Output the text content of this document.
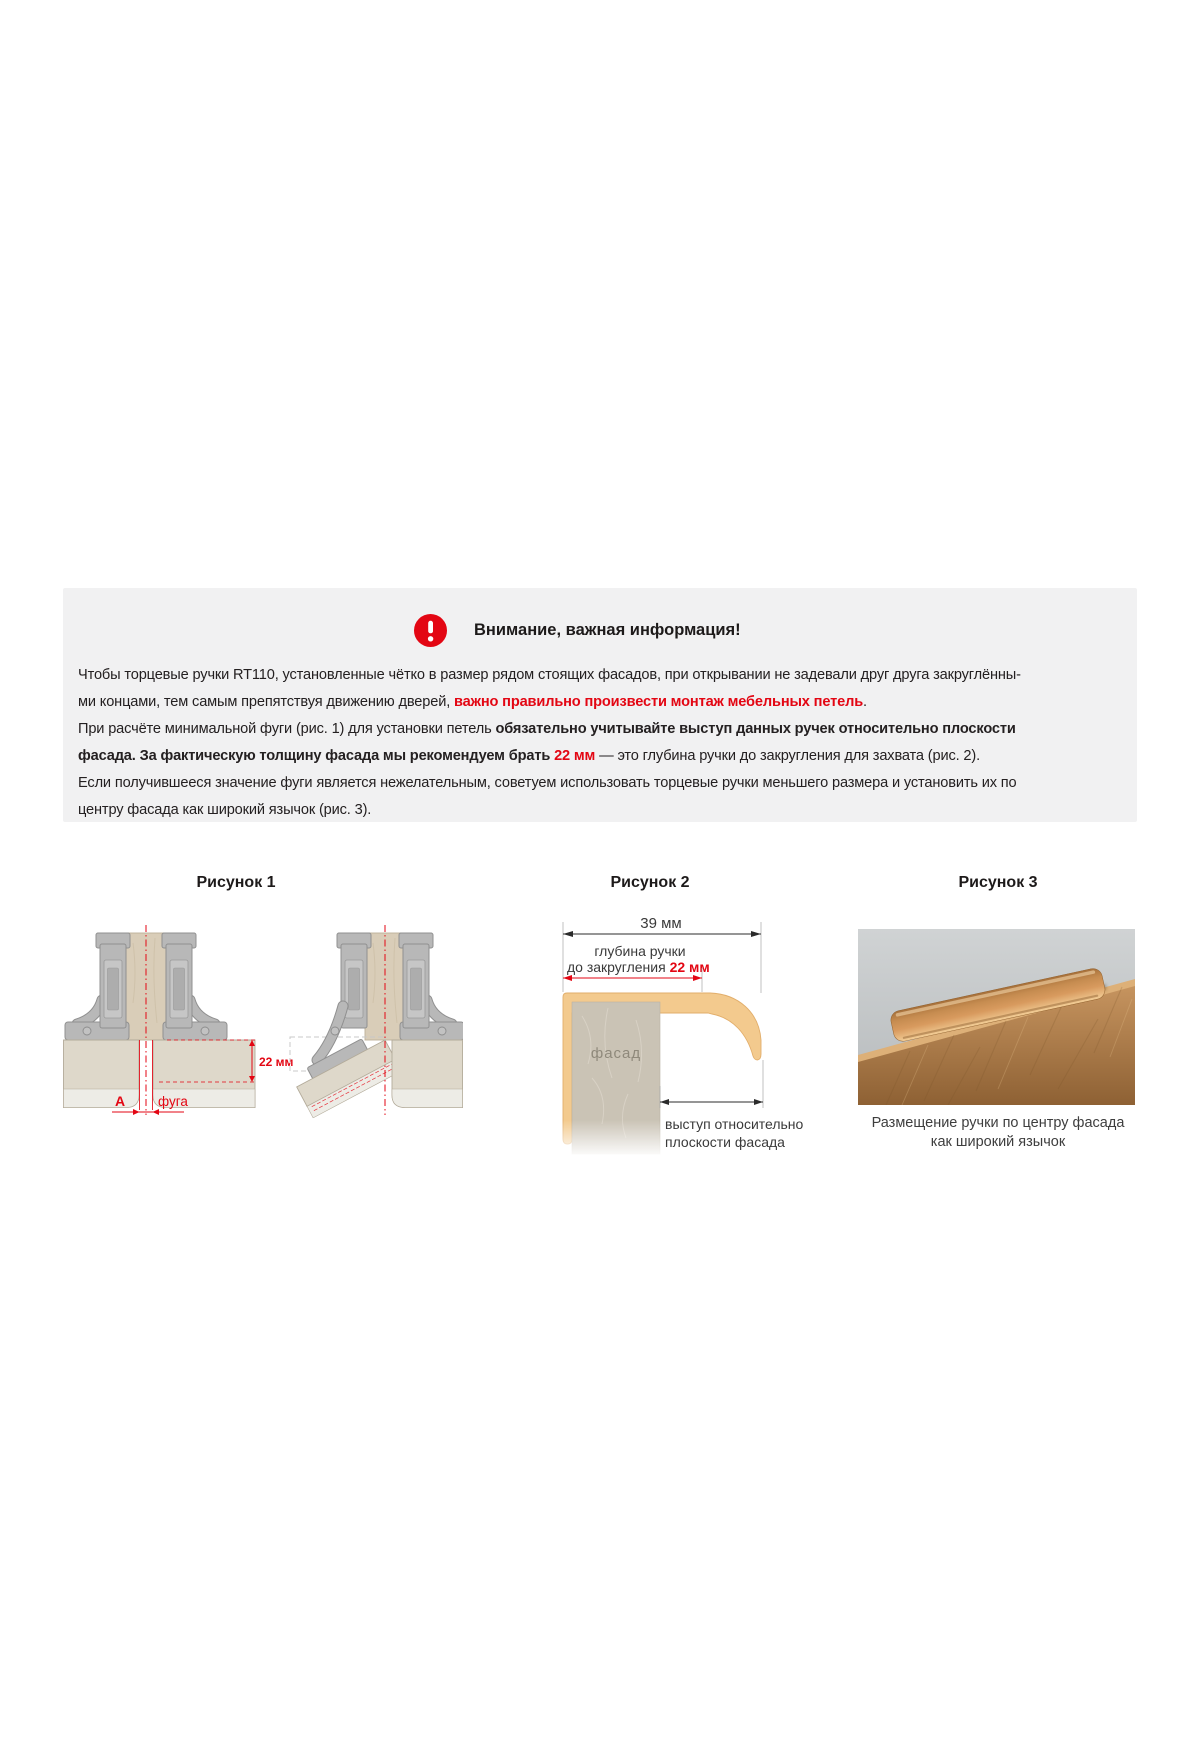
Внимание, важная информация!
Чтобы торцевые ручки RT110, установленные чётко в размер рядом стоящих фасадов, при открывании не задевали друг друга закруглённы-
ми концами, тем самым препятствуя движению дверей, важно правильно произвести монтаж мебельных петель.
При расчёте минимальной фуги (рис. 1) для установки петель обязательно учитывайте выступ данных ручек относительно плоскости
фасада. За фактическую толщину фасада мы рекомендуем брать 22 мм — это глубина ручки до закругления для захвата (рис. 2).
Если получившееся значение фуги является нежелательным, советуем использовать торцевые ручки меньшего размера и установить их по
центру фасада как широкий язычок (рис. 3).
Рисунок 1	Рисунок 2	Рисунок 3
22 мм
A фуга
39 мм
глубина ручки
до закругления 22 мм
фасад
выступ относительно
плоскости фасада
Размещение ручки по центру фасада
как широкий язычок
